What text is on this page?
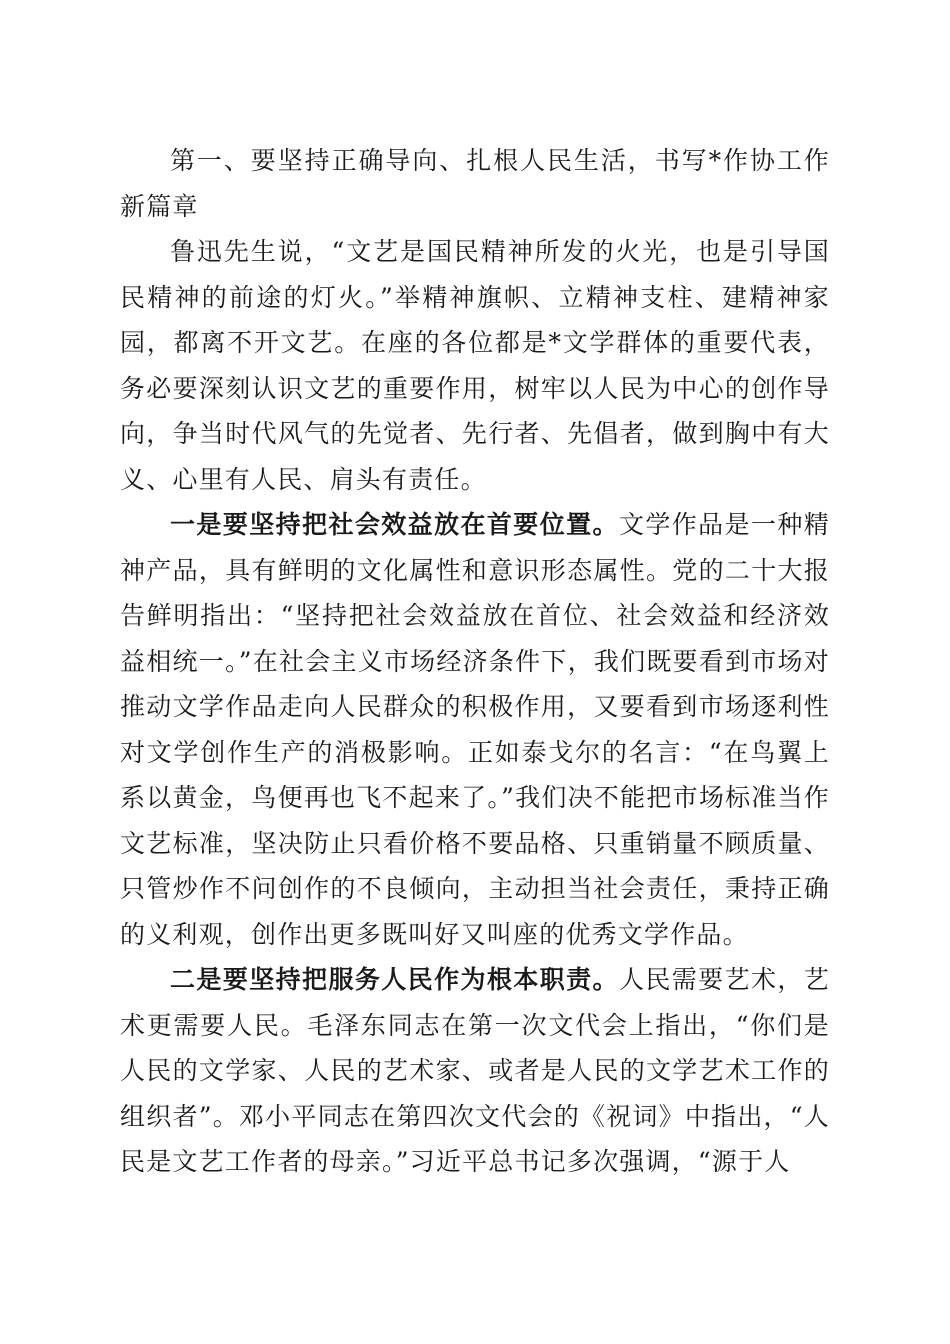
第一、要坚持正确导向、扎根人民生活，书写*作协工作新篇章

鲁迅先生说，“文艺是国民精神所发的火光，也是引导国民精神的前途的灯火。”举精神旗帜、立精神支柱、建精神家园，都离不开文艺。在座的各位都是*文学群体的重要代表，务必要深刻认识文艺的重要作用，树牢以人民为中心的创作导向，争当时代风气的先觉者、先行者、先倡者，做到胸中有大义、心里有人民、肩头有责任。

一是要坚持把社会效益放在首要位置。文学作品是一种精神产品，具有鲜明的文化属性和意识形态属性。党的二十大报告鲜明指出：“坚持把社会效益放在首位、社会效益和经济效益相统一。”在社会主义市场经济条件下，我们既要看到市场对推动文学作品走向人民群众的积极作用，又要看到市场逐利性对文学创作生产的消极影响。正如泰戈尔的名言：“在鸟翼上系以黄金，鸟便再也飞不起来了。”我们决不能把市场标准当作文艺标准，坚决防止只看价格不要品格、只重销量不顾质量、只管炒作不问创作的不良倾向，主动担当社会责任，秉持正确的义利观，创作出更多既叫好又叫座的优秀文学作品。

二是要坚持把服务人民作为根本职责。人民需要艺术，艺术更需要人民。毛泽东同志在第一次文代会上指出，“你们是人民的文学家、人民的艺术家、或者是人民的文学艺术工作的组织者”。邓小平同志在第四次文代会的《祝词》中指出，“人民是文艺工作者的母亲。”习近平总书记多次强调，“源于人
